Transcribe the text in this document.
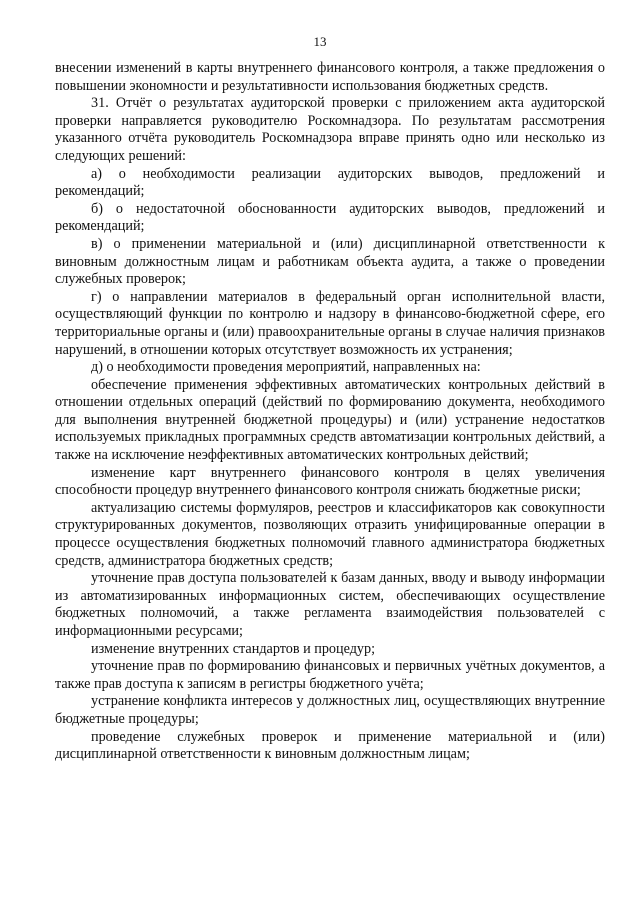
13

внесении изменений в карты внутреннего финансового контроля, а также предложения о повышении экономности и результативности использования бюджетных средств.

31. Отчёт о результатах аудиторской проверки с приложением акта аудиторской проверки направляется руководителю Роскомнадзора. По результатам рассмотрения указанного отчёта руководитель Роскомнадзора вправе принять одно или несколько из следующих решений:

а) о необходимости реализации аудиторских выводов, предложений и рекомендаций;

б) о недостаточной обоснованности аудиторских выводов, предложений и рекомендаций;

в) о применении материальной и (или) дисциплинарной ответственности к виновным должностным лицам и работникам объекта аудита, а также о проведении служебных проверок;

г) о направлении материалов в федеральный орган исполнительной власти, осуществляющий функции по контролю и надзору в финансово-бюджетной сфере, его территориальные органы и (или) правоохранительные органы в случае наличия признаков нарушений, в отношении которых отсутствует возможность их устранения;

д) о необходимости проведения мероприятий, направленных на:

обеспечение применения эффективных автоматических контрольных действий в отношении отдельных операций (действий по формированию документа, необходимого для выполнения внутренней бюджетной процедуры) и (или) устранение недостатков используемых прикладных программных средств автоматизации контрольных действий, а также на исключение неэффективных автоматических контрольных действий;

изменение карт внутреннего финансового контроля в целях увеличения способности процедур внутреннего финансового контроля снижать бюджетные риски;

актуализацию системы формуляров, реестров и классификаторов как совокупности структурированных документов, позволяющих отразить унифицированные операции в процессе осуществления бюджетных полномочий главного администратора бюджетных средств, администратора бюджетных средств;

уточнение прав доступа пользователей к базам данных, вводу и выводу информации из автоматизированных информационных систем, обеспечивающих осуществление бюджетных полномочий, а также регламента взаимодействия пользователей с информационными ресурсами;

изменение внутренних стандартов и процедур;

уточнение прав по формированию финансовых и первичных учётных документов, а также прав доступа к записям в регистры бюджетного учёта;

устранение конфликта интересов у должностных лиц, осуществляющих внутренние бюджетные процедуры;

проведение служебных проверок и применение материальной и (или) дисциплинарной ответственности к виновным должностным лицам;
